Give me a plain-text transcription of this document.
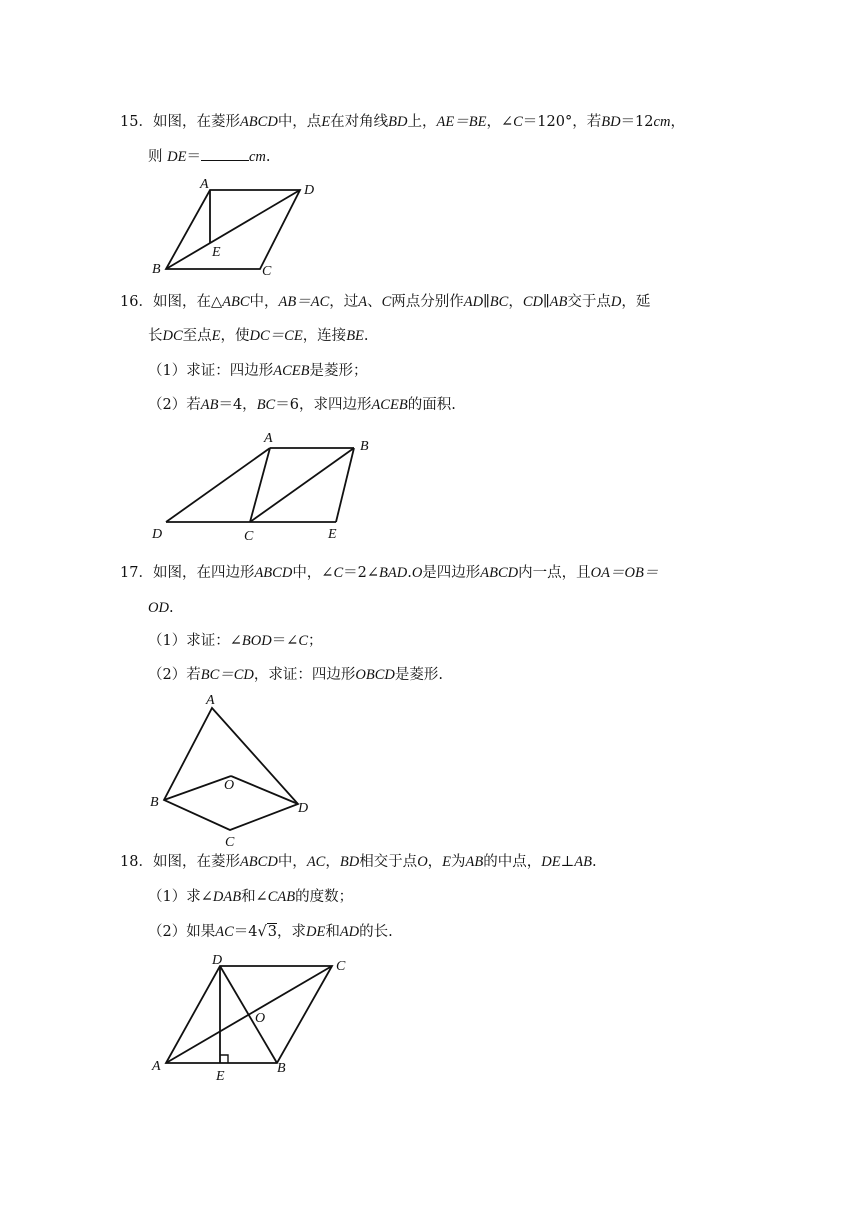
15．如图，在菱形ABCD中，点E在对角线BD上，AE＝BE，∠C＝120°，若BD＝12cm，
则 DE＝	cm.
A	D
E
B	C
16．如图，在△ABC中，AB＝AC，过A、C两点分别作AD∥BC，CD∥AB交于点D，延
长DC至点E，使DC＝CE，连接BE.
（1）求证：四边形ACEB是菱形；
（2）若AB＝4，BC＝6，求四边形ACEB的面积.
A
B
D	C	E
17．如图，在四边形ABCD中，∠C＝2∠BAD.O是四边形ABCD内一点，且OA＝OB＝
OD.
（1）求证：∠BOD＝∠C；
（2）若BC＝CD，求证：四边形OBCD是菱形.
A
O
B	D
C
18．如图，在菱形ABCD中，AC，BD相交于点O，E为AB的中点，DE⊥AB.
（1）求∠DAB和∠CAB的度数；
（2）如果AC＝4√3，求DE和AD的长.
D	C
O
A
E
B
